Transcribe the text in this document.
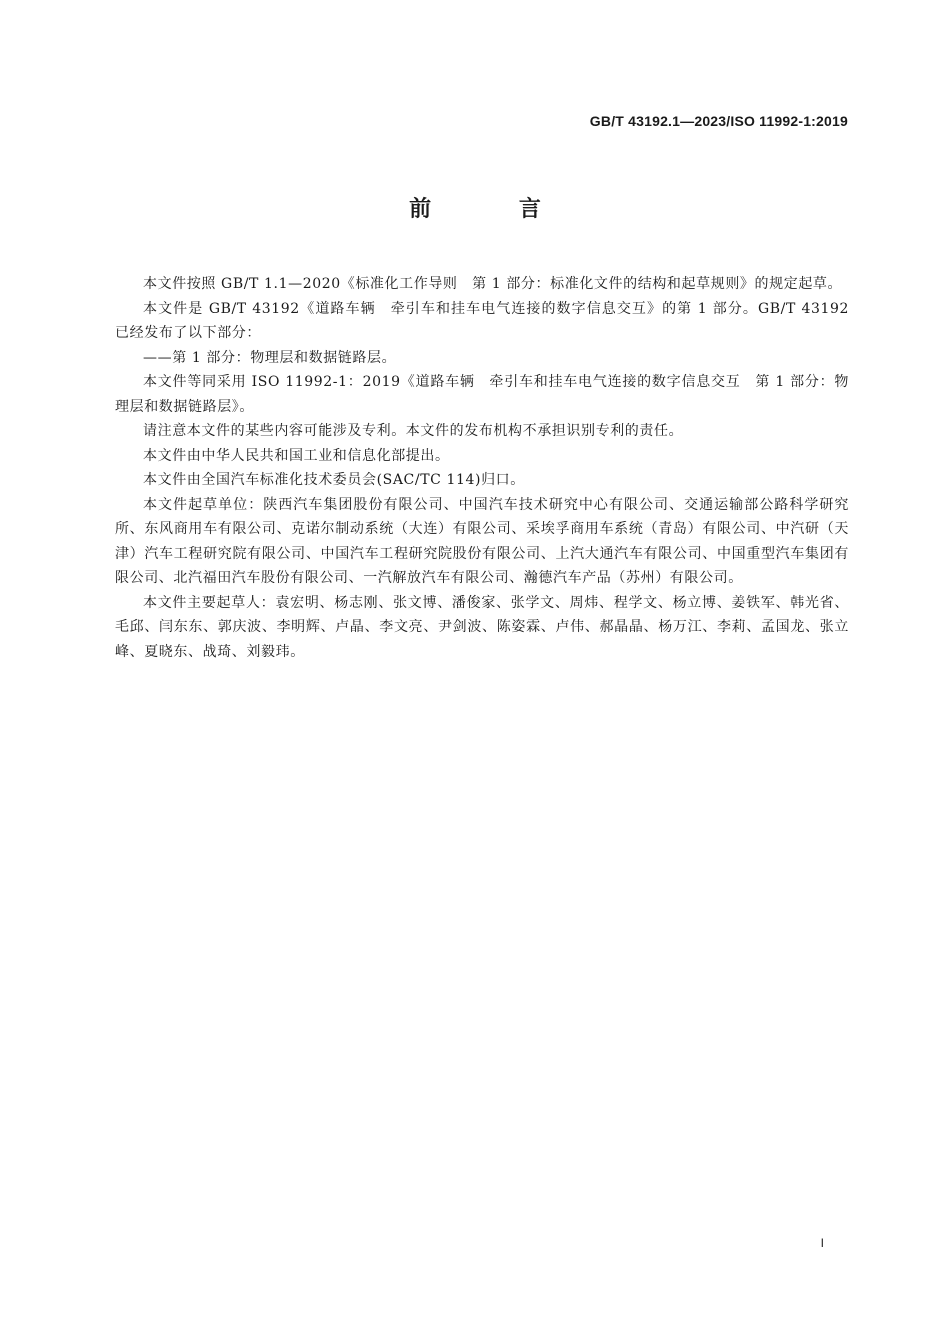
GB/T 43192.1—2023/ISO 11992-1:2019
前 言

本文件按照 GB/T 1.1—2020《标准化工作导则　第 1 部分：标准化文件的结构和起草规则》的规定起草。

本文件是 GB/T 43192《道路车辆　牵引车和挂车电气连接的数字信息交互》的第 1 部分。GB/T 43192 已经发布了以下部分：

——第 1 部分：物理层和数据链路层。

本文件等同采用 ISO 11992-1：2019《道路车辆　牵引车和挂车电气连接的数字信息交互　第 1 部分：物理层和数据链路层》。

请注意本文件的某些内容可能涉及专利。本文件的发布机构不承担识别专利的责任。

本文件由中华人民共和国工业和信息化部提出。

本文件由全国汽车标准化技术委员会(SAC/TC 114)归口。

本文件起草单位：陕西汽车集团股份有限公司、中国汽车技术研究中心有限公司、交通运输部公路科学研究所、东风商用车有限公司、克诺尔制动系统（大连）有限公司、采埃孚商用车系统（青岛）有限公司、中汽研（天津）汽车工程研究院有限公司、中国汽车工程研究院股份有限公司、上汽大通汽车有限公司、中国重型汽车集团有限公司、北汽福田汽车股份有限公司、一汽解放汽车有限公司、瀚德汽车产品（苏州）有限公司。

本文件主要起草人：袁宏明、杨志刚、张文博、潘俊家、张学文、周炜、程学文、杨立博、姜铁军、韩光省、毛邱、闫东东、郭庆波、李明辉、卢晶、李文亮、尹剑波、陈姿霖、卢伟、郝晶晶、杨万江、李莉、孟国龙、张立峰、夏晓东、战琦、刘毅玮。

I
